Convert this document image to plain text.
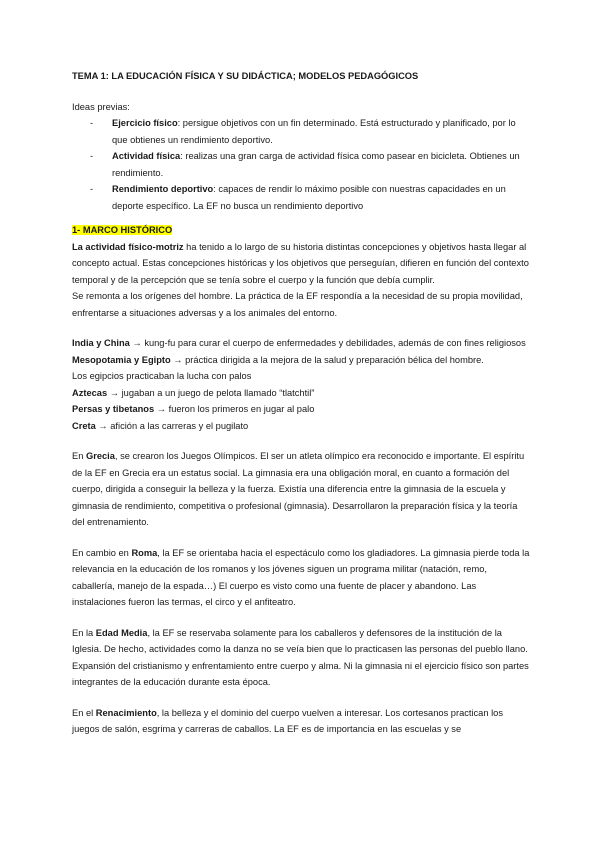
TEMA 1: LA EDUCACIÓN FÍSICA Y SU DIDÁCTICA; MODELOS PEDAGÓGICOS

Ideas previas:

- Ejercicio físico: persigue objetivos con un fin determinado. Está estructurado y planificado, por lo que obtienes un rendimiento deportivo.
- Actividad física: realizas una gran carga de actividad física como pasear en bicicleta. Obtienes un rendimiento.
- Rendimiento deportivo: capaces de rendir lo máximo posible con nuestras capacidades en un deporte específico. La EF no busca un rendimiento deportivo

1- MARCO HISTÓRICO

La actividad físico-motriz ha tenido a lo largo de su historia distintas concepciones y objetivos hasta llegar al concepto actual. Estas concepciones históricas y los objetivos que perseguían, difieren en función del contexto temporal y de la percepción que se tenía sobre el cuerpo y la función que debía cumplir.

Se remonta a los orígenes del hombre. La práctica de la EF respondía a la necesidad de su propia movilidad, enfrentarse a situaciones adversas y a los animales del entorno.

India y China → kung-fu para curar el cuerpo de enfermedades y debilidades, además de con fines religiosos

Mesopotamia y Egipto → práctica dirigida a la mejora de la salud y preparación bélica del hombre.

Los egipcios practicaban la lucha con palos

Aztecas → jugaban a un juego de pelota llamado “tlatchtil”

Persas y tibetanos → fueron los primeros en jugar al palo

Creta → afición a las carreras y el pugilato

En Grecia, se crearon los Juegos Olímpicos. El ser un atleta olímpico era reconocido e importante. El espíritu de la EF en Grecia era un estatus social. La gimnasia era una obligación moral, en cuanto a formación del cuerpo, dirigida a conseguir la belleza y la fuerza. Existía una diferencia entre la gimnasia de la escuela y gimnasia de rendimiento, competitiva o profesional (gimnasia). Desarrollaron la preparación física y la teoría del entrenamiento.

En cambio en Roma, la EF se orientaba hacia el espectáculo como los gladiadores. La gimnasia pierde toda la relevancia en la educación de los romanos y los jóvenes siguen un programa militar (natación, remo, caballería, manejo de la espada…) El cuerpo es visto como una fuente de placer y abandono. Las instalaciones fueron las termas, el circo y el anfiteatro.

En la Edad Media, la EF se reservaba solamente para los caballeros y defensores de la institución de la Iglesia. De hecho, actividades como la danza no se veía bien que lo practicasen las personas del pueblo llano. Expansión del cristianismo y enfrentamiento entre cuerpo y alma. Ni la gimnasia ni el ejercicio físico son partes integrantes de la educación durante esta época.

En el Renacimiento, la belleza y el dominio del cuerpo vuelven a interesar. Los cortesanos practican los juegos de salón, esgrima y carreras de caballos. La EF es de importancia en las escuelas y se
